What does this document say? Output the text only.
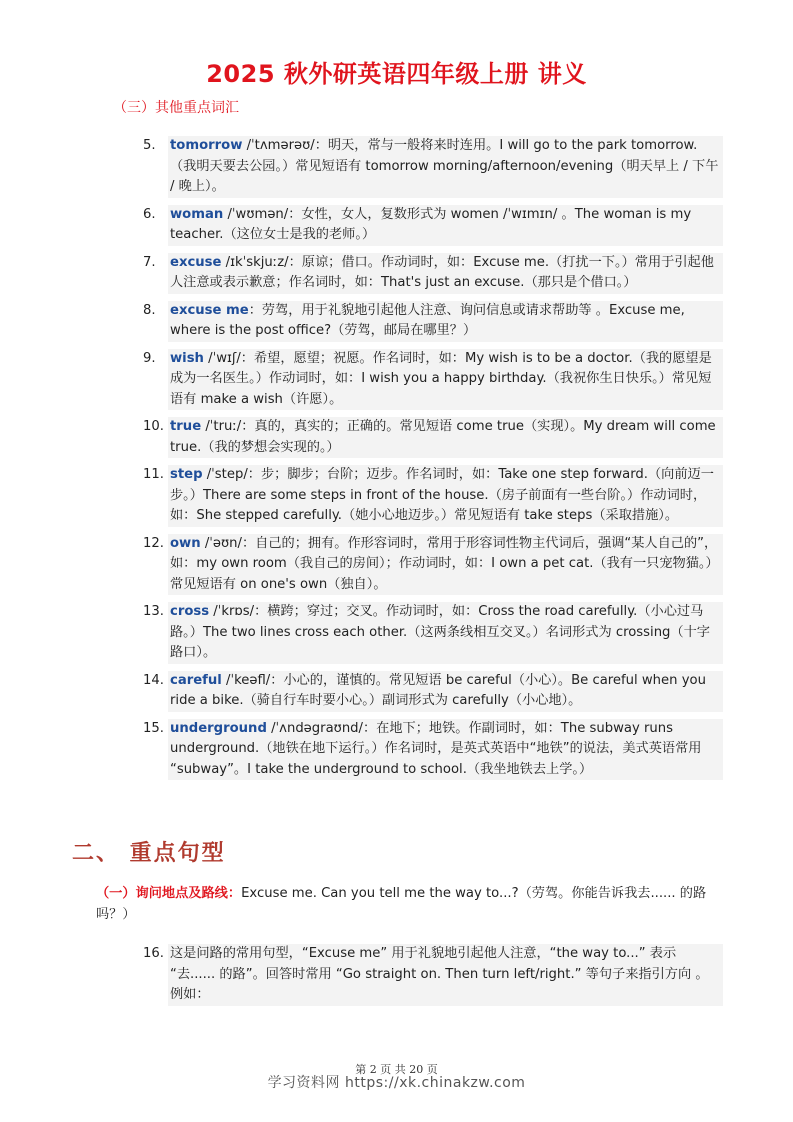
2025 秋外研英语四年级上册 讲义
（三）其他重点词汇
5.	tomorrow /ˈtʌmərəʊ/：明天，常与一般将来时连用。I will go to the park tomorrow.（我明天要去公园。）常见短语有 tomorrow morning/afternoon/evening（明天早上 / 下午 / 晚上）。
6.	woman /ˈwʊmən/：女性，女人，复数形式为 women /ˈwɪmɪn/ 。The woman is my teacher.（这位女士是我的老师。）
7.	excuse /ɪkˈskjuːz/：原谅；借口。作动词时，如：Excuse me.（打扰一下。）常用于引起他人注意或表示歉意；作名词时，如：That's just an excuse.（那只是个借口。）
8.	excuse me：劳驾，用于礼貌地引起他人注意、询问信息或请求帮助等 。Excuse me, where is the post office?（劳驾，邮局在哪里？）
9.	wish /ˈwɪʃ/：希望，愿望；祝愿。作名词时，如：My wish is to be a doctor.（我的愿望是成为一名医生。）作动词时，如：I wish you a happy birthday.（我祝你生日快乐。）常见短语有 make a wish（许愿）。
10. true /ˈtruː/：真的，真实的；正确的。常见短语 come true（实现）。My dream will come true.（我的梦想会实现的。）
11. step /ˈstep/：步；脚步；台阶；迈步。作名词时，如：Take one step forward.（向前迈一步。）There are some steps in front of the house.（房子前面有一些台阶。）作动词时，如：She stepped carefully.（她小心地迈步。）常见短语有 take steps（采取措施）。
12. own /ˈəʊn/：自己的；拥有。作形容词时，常用于形容词性物主代词后，强调“某人自己的”，如：my own room（我自己的房间）；作动词时，如：I own a pet cat.（我有一只宠物猫。）常见短语有 on one's own（独自）。
13. cross /ˈkrɒs/：横跨；穿过；交叉。作动词时，如：Cross the road carefully.（小心过马路。）The two lines cross each other.（这两条线相互交叉。）名词形式为 crossing（十字路口）。
14. careful /ˈkeəfl/：小心的，谨慎的。常见短语 be careful（小心）。Be careful when you ride a bike.（骑自行车时要小心。）副词形式为 carefully（小心地）。
15. underground /ˈʌndəgraʊnd/：在地下；地铁。作副词时，如：The subway runs underground.（地铁在地下运行。）作名词时，是英式英语中“地铁”的说法，美式英语常用 “subway”。I take the underground to school.（我坐地铁去上学。）
二、 重点句型
（一）询问地点及路线：Excuse me. Can you tell me the way to...?（劳驾。你能告诉我去...... 的路吗？）
16. 这是问路的常用句型，“Excuse me” 用于礼貌地引起他人注意，“the way to...” 表示 “去...... 的路”。回答时常用 “Go straight on. Then turn left/right.” 等句子来指引方向 。例如：
第 2 页 共 20 页
学习资料网 https://xk.chinakzw.com
